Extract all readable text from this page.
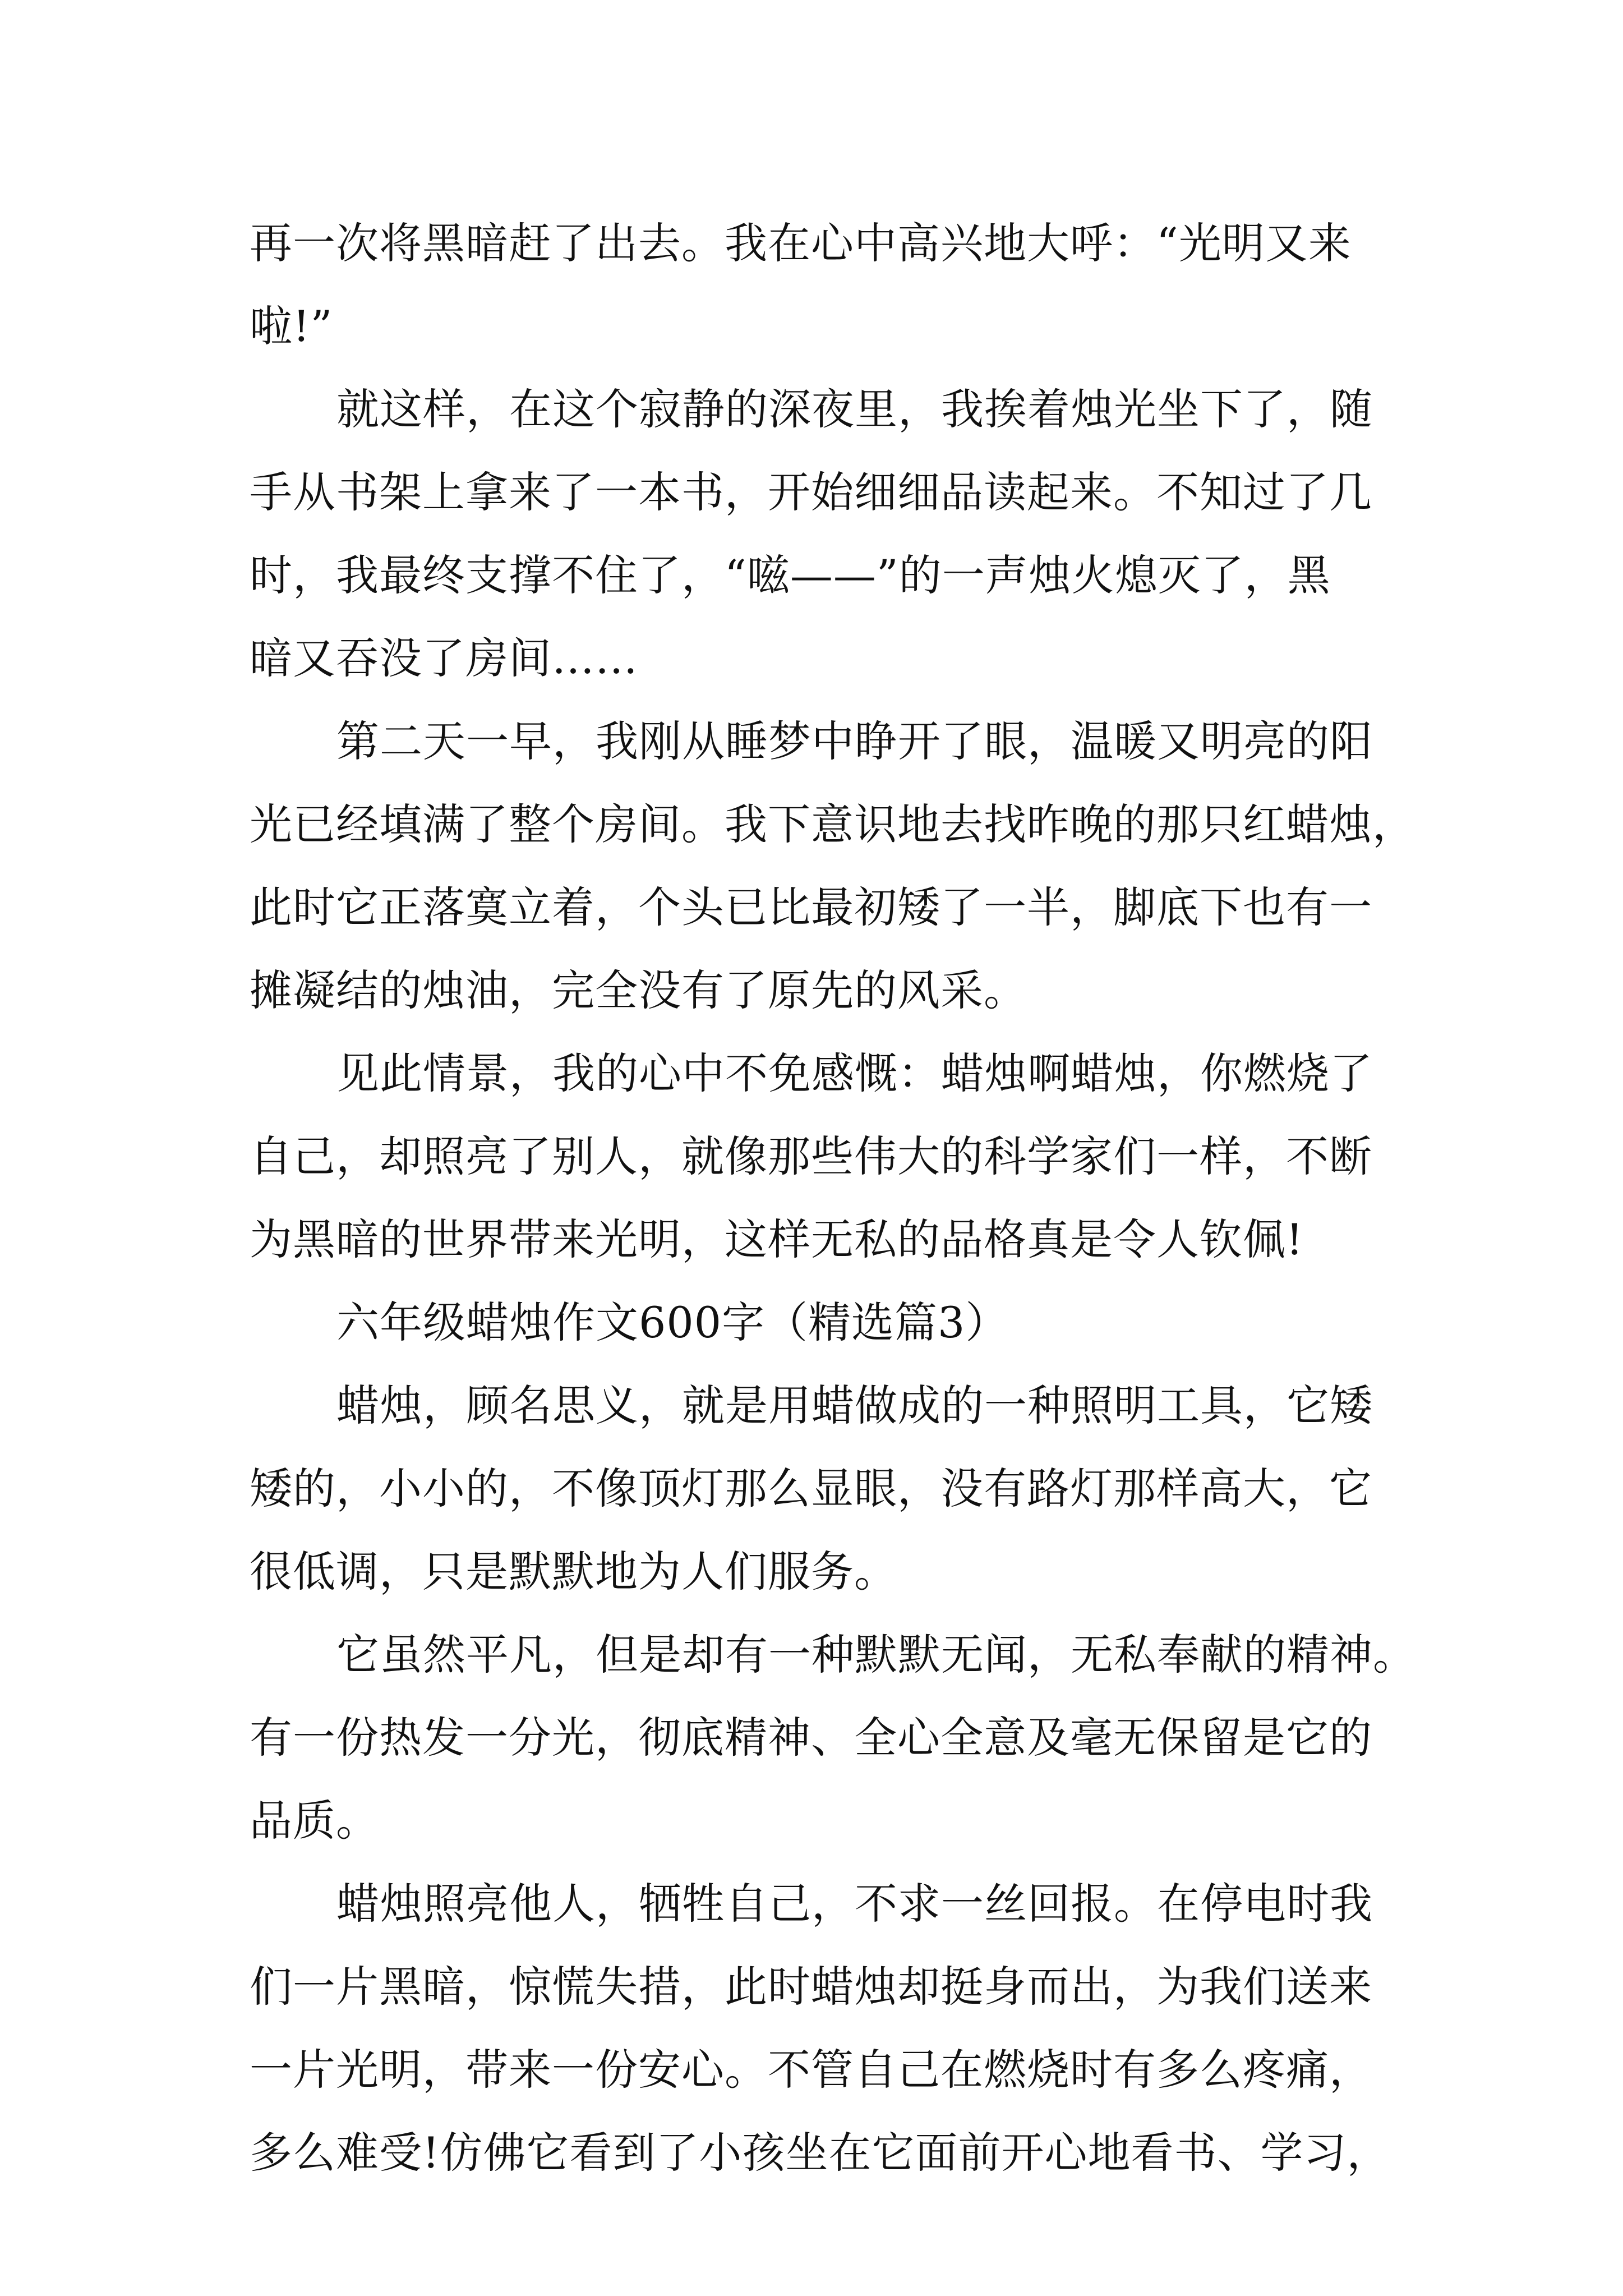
再一次将黑暗赶了出去。我在心中高兴地大呼：“光明又来
啦!”
就这样，在这个寂静的深夜里，我挨着烛光坐下了，随
手从书架上拿来了一本书，开始细细品读起来。不知过了几
时，我最终支撑不住了，“嗞——”的一声烛火熄灭了，黑
暗又吞没了房间……
第二天一早，我刚从睡梦中睁开了眼，温暖又明亮的阳
光已经填满了整个房间。我下意识地去找昨晚的那只红蜡烛，
此时它正落寞立着，个头已比最初矮了一半，脚底下也有一
摊凝结的烛油，完全没有了原先的风采。
见此情景，我的心中不免感慨：蜡烛啊蜡烛，你燃烧了
自己，却照亮了别人，就像那些伟大的科学家们一样，不断
为黑暗的世界带来光明，这样无私的品格真是令人钦佩!
六年级蜡烛作文600字（精选篇3）
蜡烛，顾名思义，就是用蜡做成的一种照明工具，它矮
矮的，小小的，不像顶灯那么显眼，没有路灯那样高大，它
很低调，只是默默地为人们服务。
它虽然平凡，但是却有一种默默无闻，无私奉献的精神。
有一份热发一分光，彻底精神、全心全意及毫无保留是它的
品质。
蜡烛照亮他人，牺牲自己，不求一丝回报。在停电时我
们一片黑暗，惊慌失措，此时蜡烛却挺身而出，为我们送来
一片光明，带来一份安心。不管自己在燃烧时有多么疼痛，
多么难受!仿佛它看到了小孩坐在它面前开心地看书、学习，
